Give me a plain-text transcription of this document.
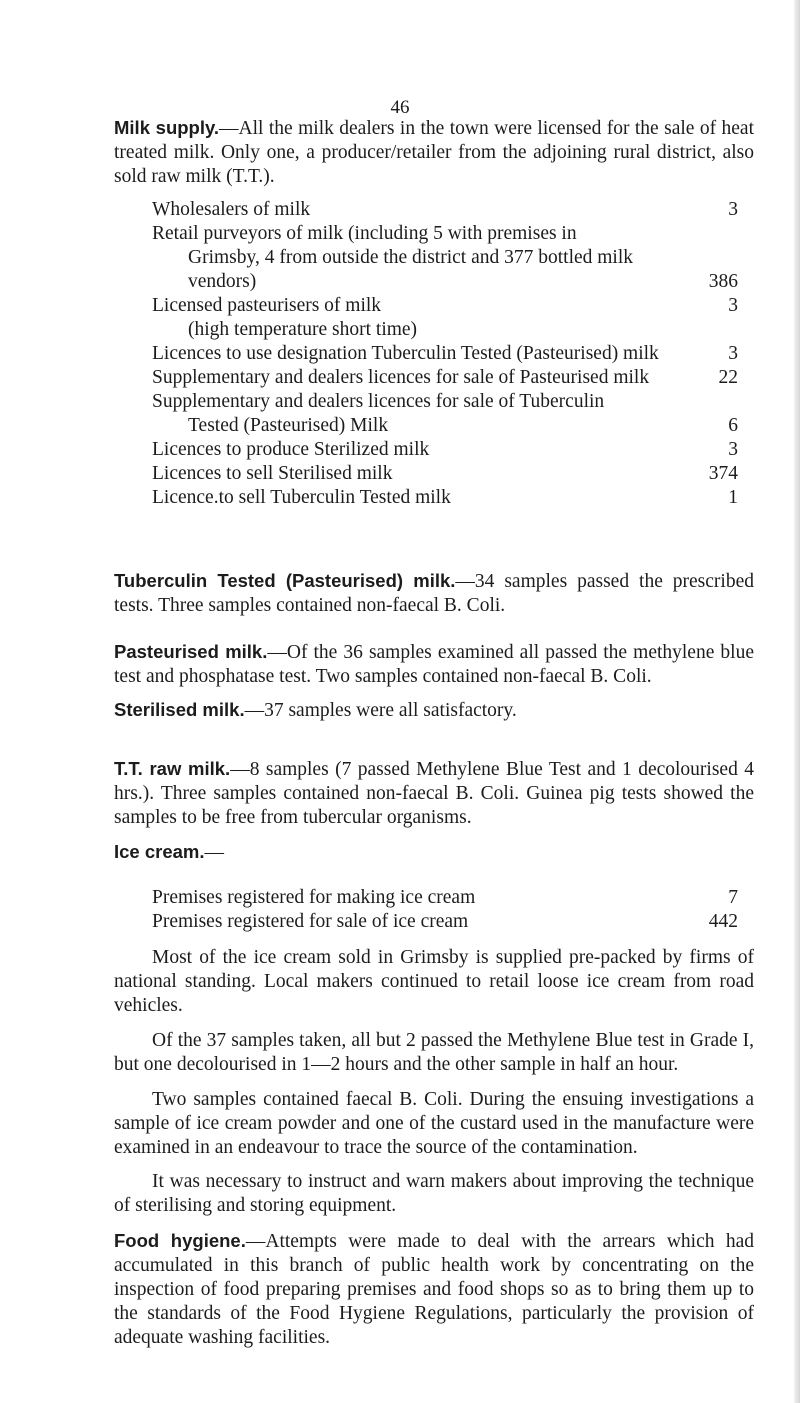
46

Milk supply.—All the milk dealers in the town were licensed for the sale of heat treated milk. Only one, a producer/retailer from the adjoining rural district, also sold raw milk (T.T.).

Wholesalers of milk	3
Retail purveyors of milk (including 5 with premises in
Grimsby, 4 from outside the district and 377 bottled milk vendors)	386
Licensed pasteurisers of milk	3
(high temperature short time)
Licences to use designation Tuberculin Tested (Pasteurised) milk	3
Supplementary and dealers licences for sale of Pasteurised milk	22
Supplementary and dealers licences for sale of Tuberculin
Tested (Pasteurised) Milk	6
Licences to produce Sterilized milk	3
Licences to sell Sterilised milk	374
Licence.to sell Tuberculin Tested milk	1

Tuberculin Tested (Pasteurised) milk.—34 samples passed the prescribed tests. Three samples contained non-faecal B. Coli.

Pasteurised milk.—Of the 36 samples examined all passed the methylene blue test and phosphatase test. Two samples contained non-faecal B. Coli.

Sterilised milk.—37 samples were all satisfactory.

T.T. raw milk.—8 samples (7 passed Methylene Blue Test and 1 decolourised 4 hrs.). Three samples contained non-faecal B. Coli. Guinea pig tests showed the samples to be free from tubercular organisms.

Ice cream.—

Premises registered for making ice cream	7
Premises registered for sale of ice cream	442

Most of the ice cream sold in Grimsby is supplied pre-packed by firms of national standing. Local makers continued to retail loose ice cream from road vehicles.

Of the 37 samples taken, all but 2 passed the Methylene Blue test in Grade I, but one decolourised in 1—2 hours and the other sample in half an hour.

Two samples contained faecal B. Coli. During the ensuing investigations a sample of ice cream powder and one of the custard used in the manufacture were examined in an endeavour to trace the source of the contamination.

It was necessary to instruct and warn makers about improving the technique of sterilising and storing equipment.

Food hygiene.—Attempts were made to deal with the arrears which had accumulated in this branch of public health work by concentrating on the inspection of food preparing premises and food shops so as to bring them up to the standards of the Food Hygiene Regulations, particularly the provision of adequate washing facilities.
